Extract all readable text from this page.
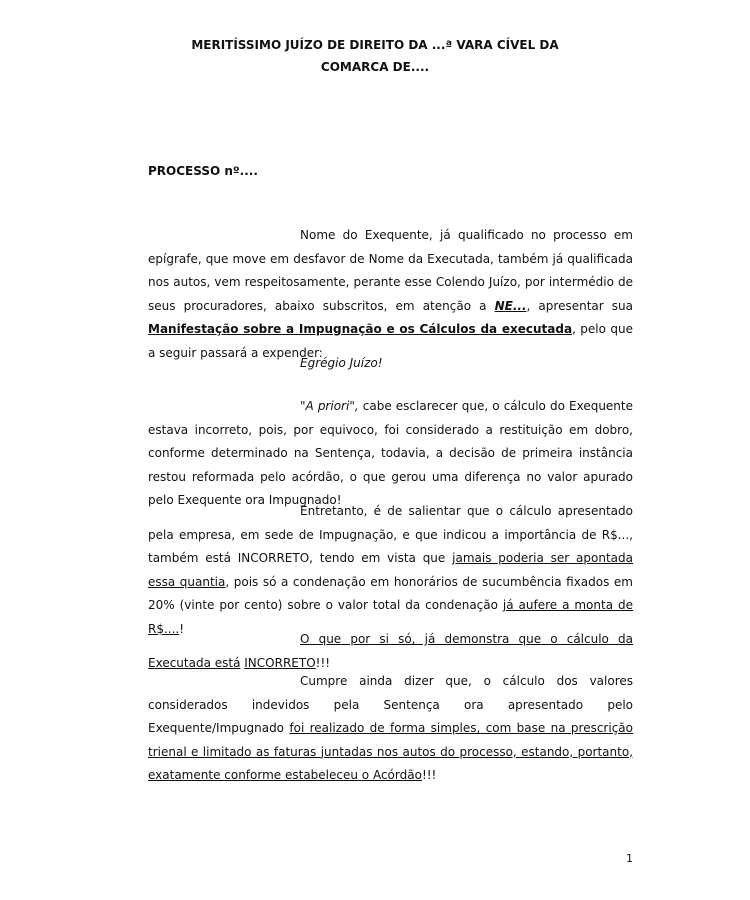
MERITÍSSIMO JUÍZO DE DIREITO DA ...ª VARA CÍVEL DA
COMARCA DE....
PROCESSO nº....
Nome do Exequente, já qualificado no processo em epígrafe, que move em desfavor de Nome da Executada, também já qualificada nos autos, vem respeitosamente, perante esse Colendo Juízo, por intermédio de seus procuradores, abaixo subscritos, em atenção a NE..., apresentar sua Manifestação sobre a Impugnação e os Cálculos da executada, pelo que a seguir passará a expender:
Egrégio Juízo!
"A priori", cabe esclarecer que, o cálculo do Exequente estava incorreto, pois, por equivoco, foi considerado a restituição em dobro, conforme determinado na Sentença, todavia, a decisão de primeira instância restou reformada pelo acórdão, o que gerou uma diferença no valor apurado pelo Exequente ora Impugnado!
Entretanto, é de salientar que o cálculo apresentado pela empresa, em sede de Impugnação, e que indicou a importância de R$..., também está INCORRETO, tendo em vista que jamais poderia ser apontada essa quantia, pois só a condenação em honorários de sucumbência fixados em 20% (vinte por cento) sobre o valor total da condenação já aufere a monta de R$....!
O que por si só, já demonstra que o cálculo da Executada está INCORRETO!!!
Cumpre ainda dizer que, o cálculo dos valores considerados indevidos pela Sentença ora apresentado pelo Exequente/Impugnado foi realizado de forma simples, com base na prescrição trienal e limitado as faturas juntadas nos autos do processo, estando, portanto, exatamente conforme estabeleceu o Acórdão!!!
1
